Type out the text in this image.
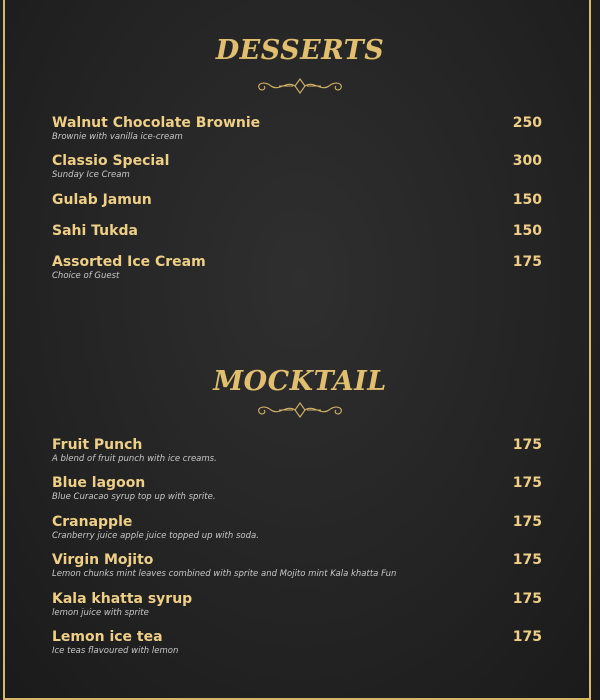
DESSERTS
Walnut Chocolate Brownie	250
Brownie with vanilla ice-cream
Classio Special	300
Sunday Ice Cream
Gulab Jamun	150
Sahi Tukda	150
Assorted Ice Cream	175
Choice of Guest
MOCKTAIL
Fruit Punch	175
A blend of fruit punch with ice creams.
Blue lagoon	175
Blue Curacao syrup top up with sprite.
Cranapple	175
Cranberry juice apple juice topped up with soda.
Virgin Mojito	175
Lemon chunks mint leaves combined with sprite and Mojito mint Kala khatta Fun
Kala khatta syrup	175
lemon juice with sprite
Lemon ice tea	175
Ice teas flavoured with lemon
